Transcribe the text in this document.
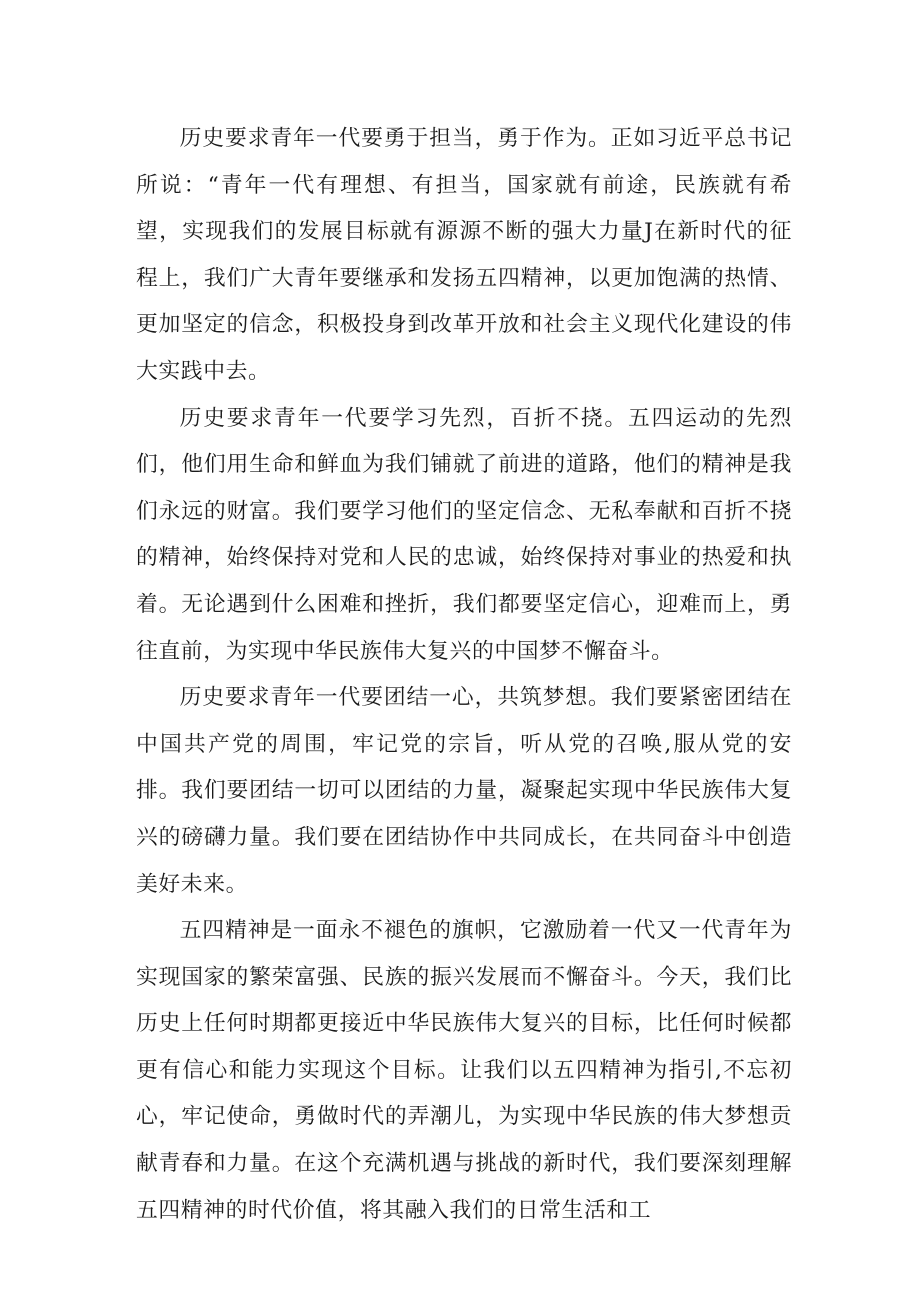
历史要求青年一代要勇于担当，勇于作为。正如习近平总书记所说：“青年一代有理想、有担当，国家就有前途，民族就有希望，实现我们的发展目标就有源源不断的强大力量J在新时代的征程上，我们广大青年要继承和发扬五四精神，以更加饱满的热情、更加坚定的信念，积极投身到改革开放和社会主义现代化建设的伟大实践中去。

历史要求青年一代要学习先烈，百折不挠。五四运动的先烈们，他们用生命和鲜血为我们铺就了前进的道路，他们的精神是我们永远的财富。我们要学习他们的坚定信念、无私奉献和百折不挠的精神，始终保持对党和人民的忠诚，始终保持对事业的热爱和执着。无论遇到什么困难和挫折，我们都要坚定信心，迎难而上，勇往直前，为实现中华民族伟大复兴的中国梦不懈奋斗。

历史要求青年一代要团结一心，共筑梦想。我们要紧密团结在中国共产党的周围，牢记党的宗旨，听从党的召唤,服从党的安排。我们要团结一切可以团结的力量，凝聚起实现中华民族伟大复兴的磅礴力量。我们要在团结协作中共同成长，在共同奋斗中创造美好未来。

五四精神是一面永不褪色的旗帜，它激励着一代又一代青年为实现国家的繁荣富强、民族的振兴发展而不懈奋斗。今天，我们比历史上任何时期都更接近中华民族伟大复兴的目标，比任何时候都更有信心和能力实现这个目标。让我们以五四精神为指引,不忘初心，牢记使命，勇做时代的弄潮儿，为实现中华民族的伟大梦想贡献青春和力量。在这个充满机遇与挑战的新时代，我们要深刻理解五四精神的时代价值，将其融入我们的日常生活和工
